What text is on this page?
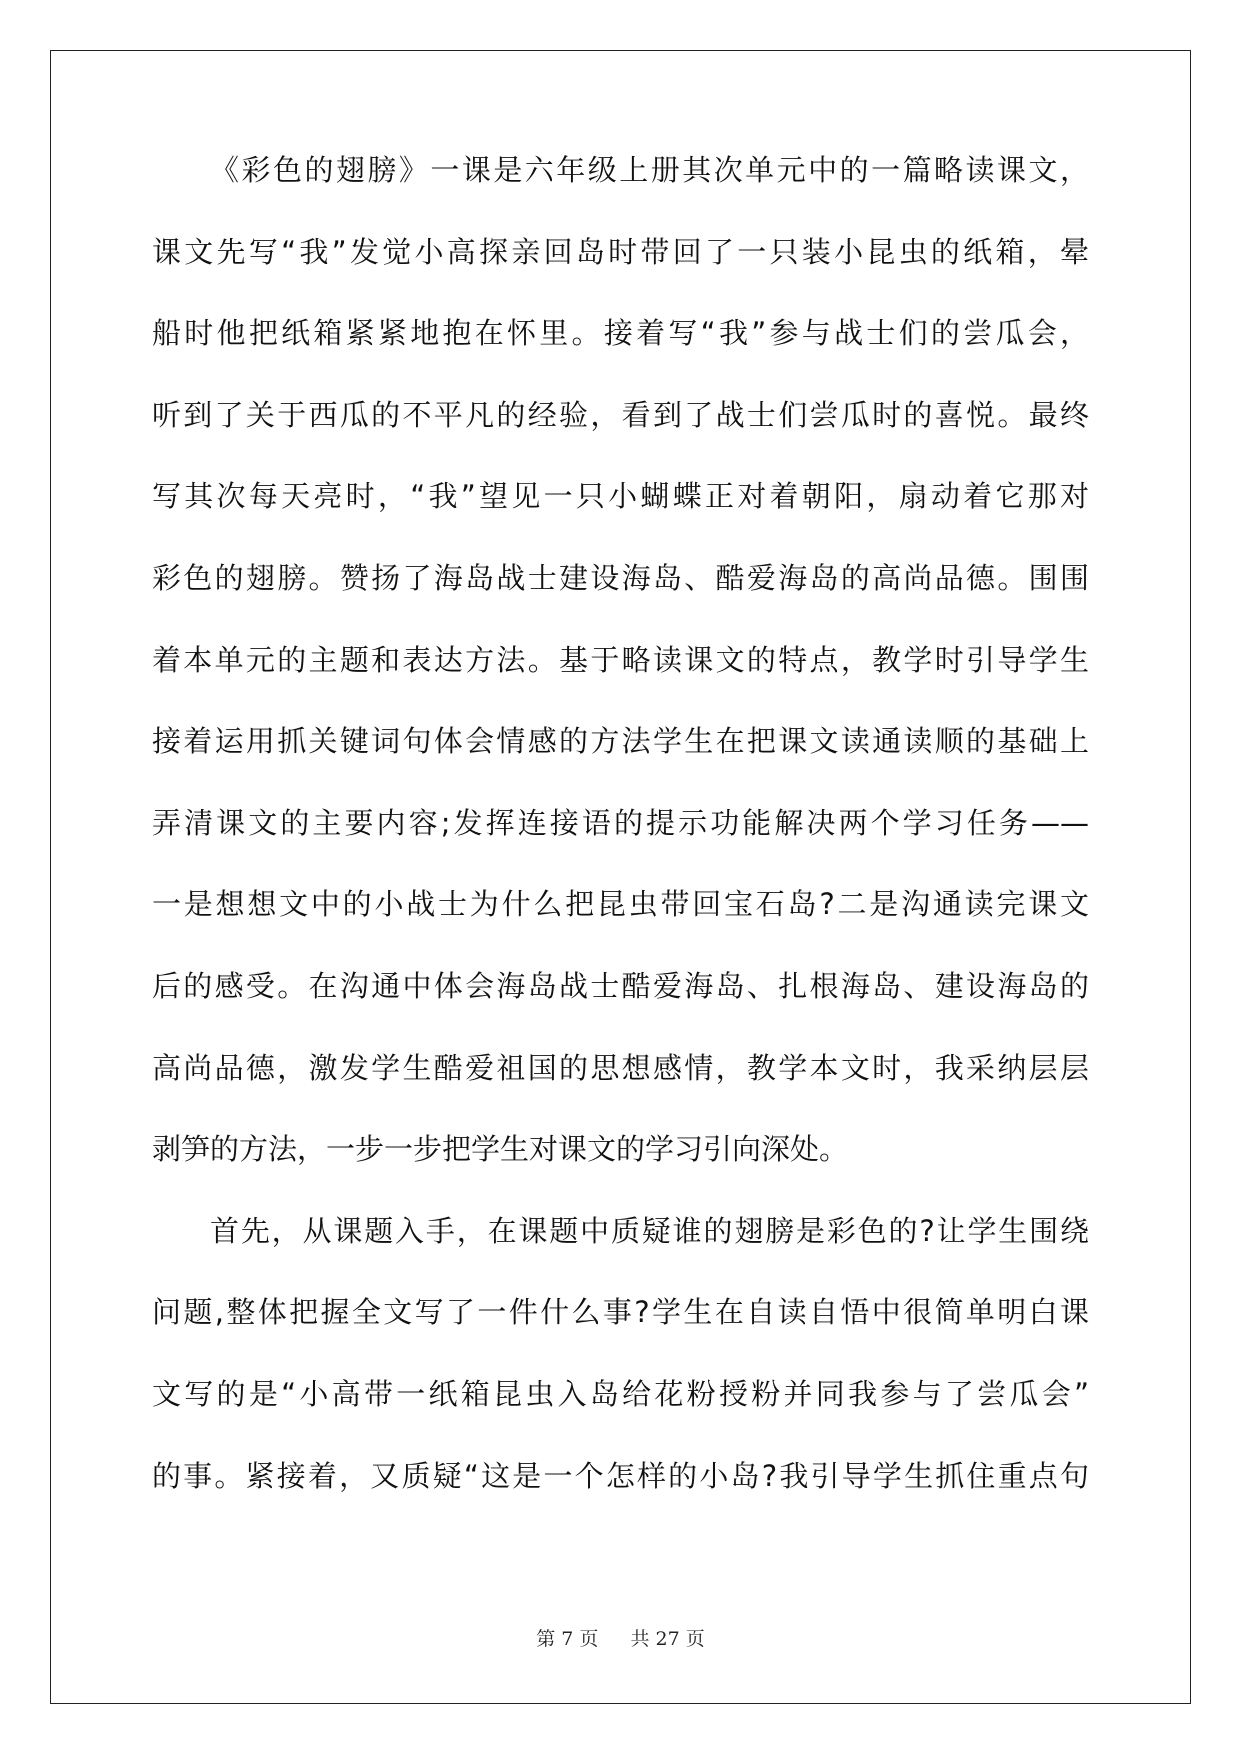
《彩色的翅膀》一课是六年级上册其次单元中的一篇略读课文，
课文先写“我”发觉小高探亲回岛时带回了一只装小昆虫的纸箱，晕
船时他把纸箱紧紧地抱在怀里。接着写“我”参与战士们的尝瓜会，
听到了关于西瓜的不平凡的经验，看到了战士们尝瓜时的喜悦。最终
写其次每天亮时，“我”望见一只小蝴蝶正对着朝阳，扇动着它那对
彩色的翅膀。赞扬了海岛战士建设海岛、酷爱海岛的高尚品德。围围
着本单元的主题和表达方法。基于略读课文的特点，教学时引导学生
接着运用抓关键词句体会情感的方法学生在把课文读通读顺的基础上
弄清课文的主要内容;发挥连接语的提示功能解决两个学习任务——
一是想想文中的小战士为什么把昆虫带回宝石岛?二是沟通读完课文
后的感受。在沟通中体会海岛战士酷爱海岛、扎根海岛、建设海岛的
高尚品德，激发学生酷爱祖国的思想感情，教学本文时，我采纳层层
剥笋的方法，一步一步把学生对课文的学习引向深处。
首先，从课题入手，在课题中质疑谁的翅膀是彩色的?让学生围绕
问题,整体把握全文写了一件什么事?学生在自读自悟中很简单明白课
文写的是“小高带一纸箱昆虫入岛给花粉授粉并同我参与了尝瓜会”
的事。紧接着，又质疑“这是一个怎样的小岛?我引导学生抓住重点句
第 7 页 共 27 页
